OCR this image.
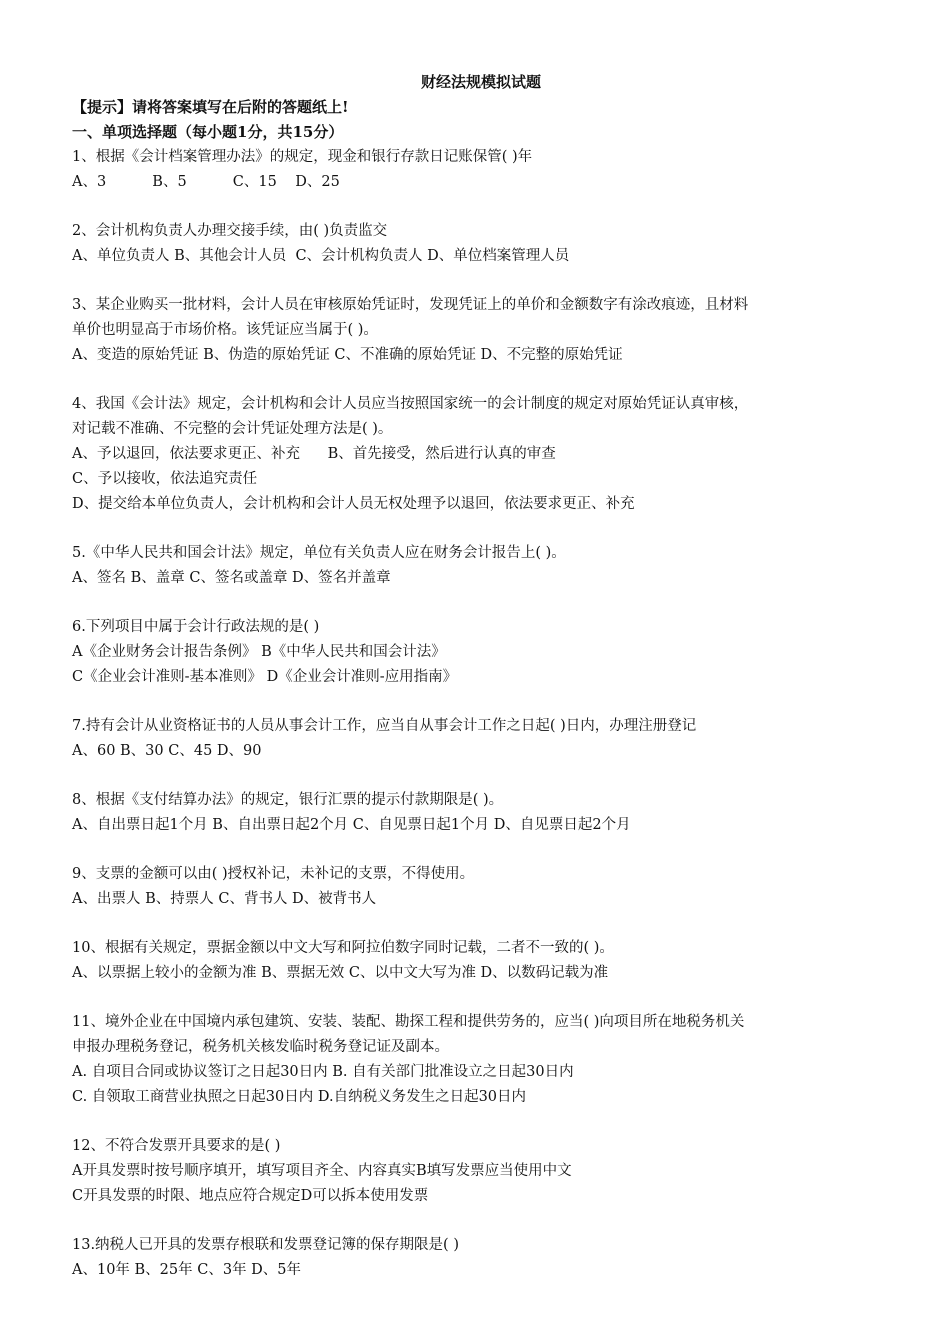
财经法规模拟试题
【提示】请将答案填写在后附的答题纸上!
一、单项选择题（每小题1分，共15分）
1、根据《会计档案管理办法》的规定，现金和银行存款日记账保管( )年
A、3          B、5          C、15    D、25
2、会计机构负责人办理交接手续，由( )负责监交
A、单位负责人 B、其他会计人员  C、会计机构负责人 D、单位档案管理人员
3、某企业购买一批材料，会计人员在审核原始凭证时，发现凭证上的单价和金额数字有涂改痕迹，且材料
单价也明显高于市场价格。该凭证应当属于( )。
A、变造的原始凭证 B、伪造的原始凭证 C、不准确的原始凭证 D、不完整的原始凭证
4、我国《会计法》规定，会计机构和会计人员应当按照国家统一的会计制度的规定对原始凭证认真审核，
对记载不准确、不完整的会计凭证处理方法是( )。
A、予以退回，依法要求更正、补充      B、首先接受，然后进行认真的审查
C、予以接收，依法追究责任
D、提交给本单位负责人，会计机构和会计人员无权处理予以退回，依法要求更正、补充
5.《中华人民共和国会计法》规定，单位有关负责人应在财务会计报告上( )。
A、签名 B、盖章 C、签名或盖章 D、签名并盖章
6.下列项目中属于会计行政法规的是( )
A《企业财务会计报告条例》 B《中华人民共和国会计法》
C《企业会计准则-基本准则》 D《企业会计准则-应用指南》
7.持有会计从业资格证书的人员从事会计工作，应当自从事会计工作之日起( )日内，办理注册登记
A、60 B、30 C、45 D、90
8、根据《支付结算办法》的规定，银行汇票的提示付款期限是( )。
A、自出票日起1个月 B、自出票日起2个月 C、自见票日起1个月 D、自见票日起2个月
9、支票的金额可以由( )授权补记，未补记的支票，不得使用。
A、出票人 B、持票人 C、背书人 D、被背书人
10、根据有关规定，票据金额以中文大写和阿拉伯数字同时记载，二者不一致的( )。
A、以票据上较小的金额为准 B、票据无效 C、以中文大写为准 D、以数码记载为准
11、境外企业在中国境内承包建筑、安装、装配、勘探工程和提供劳务的，应当( )向项目所在地税务机关
申报办理税务登记，税务机关核发临时税务登记证及副本。
A. 自项目合同或协议签订之日起30日内 B. 自有关部门批准设立之日起30日内
C. 自领取工商营业执照之日起30日内 D.自纳税义务发生之日起30日内
12、不符合发票开具要求的是( )
A开具发票时按号顺序填开，填写项目齐全、内容真实B填写发票应当使用中文
C开具发票的时限、地点应符合规定D可以拆本使用发票
13.纳税人已开具的发票存根联和发票登记簿的保存期限是( )
A、10年 B、25年 C、3年 D、5年
